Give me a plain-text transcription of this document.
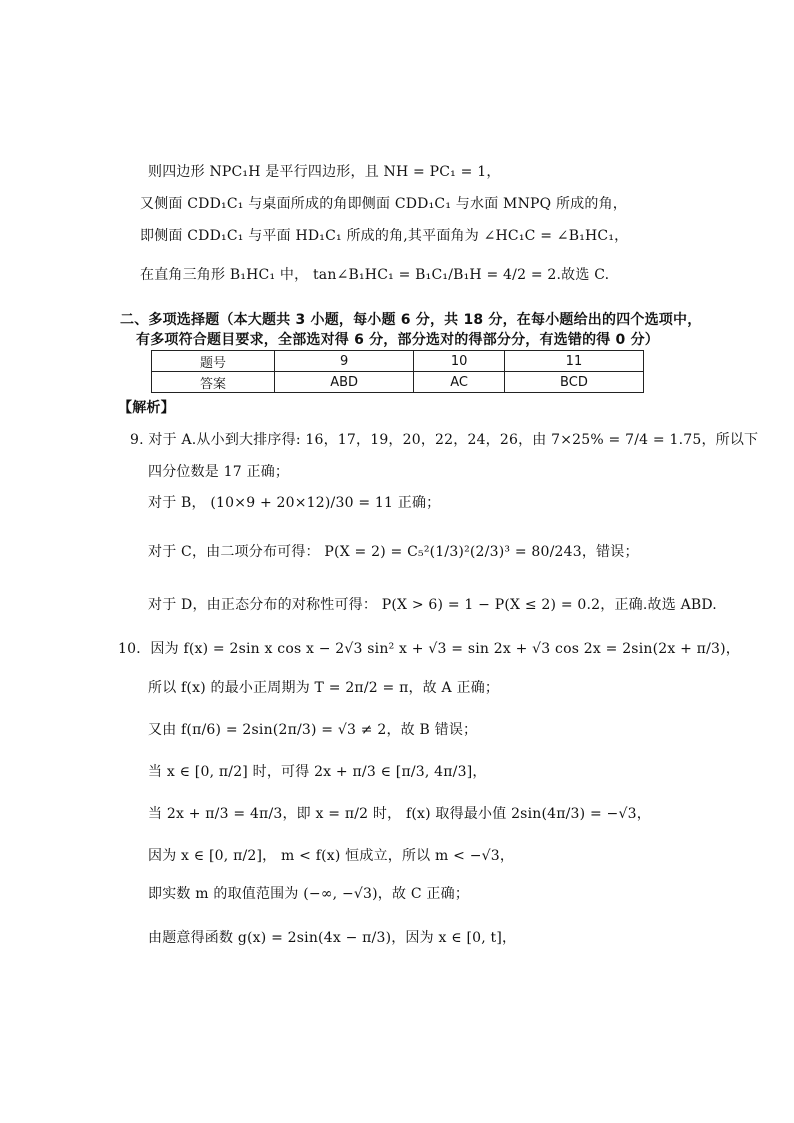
则四边形 NPC₁H 是平行四边形，且 NH = PC₁ = 1，
又侧面 CDD₁C₁ 与桌面所成的角即侧面 CDD₁C₁ 与水面 MNPQ 所成的角，
即侧面 CDD₁C₁ 与平面 HD₁C₁ 所成的角,其平面角为 ∠HC₁C = ∠B₁HC₁，
在直角三角形 B₁HC₁ 中， tan∠B₁HC₁ = B₁C₁/B₁H = 4/2 = 2.故选 C.
二、多项选择题（本大题共 3 小题，每小题 6 分，共 18 分，在每小题给出的四个选项中，
有多项符合题目要求，全部选对得 6 分，部分选对的得部分分，有选错的得 0 分）
题号	9	10	11
答案	ABD	AC	BCD
【解析】
9. 对于 A.从小到大排序得: 16，17，19，20，22，24，26，由 7×25% = 7/4 = 1.75，所以下
四分位数是 17 正确；
对于 B， (10×9 + 20×12)/30 = 11 正确；
对于 C，由二项分布可得： P(X = 2) = C₅²(1/3)²(2/3)³ = 80/243，错误；
对于 D，由正态分布的对称性可得： P(X > 6) = 1 − P(X ≤ 2) = 0.2，正确.故选 ABD.
10．因为 f(x) = 2sin x cos x − 2√3 sin² x + √3 = sin 2x + √3 cos 2x = 2sin(2x + π/3)，
所以 f(x) 的最小正周期为 T = 2π/2 = π，故 A 正确；
又由 f(π/6) = 2sin(2π/3) = √3 ≠ 2，故 B 错误；
当 x ∈ [0, π/2] 时，可得 2x + π/3 ∈ [π/3, 4π/3]，
当 2x + π/3 = 4π/3，即 x = π/2 时， f(x) 取得最小值 2sin(4π/3) = −√3，
因为 x ∈ [0, π/2]， m < f(x) 恒成立，所以 m < −√3，
即实数 m 的取值范围为 (−∞, −√3)，故 C 正确；
由题意得函数 g(x) = 2sin(4x − π/3)，因为 x ∈ [0, t]，
